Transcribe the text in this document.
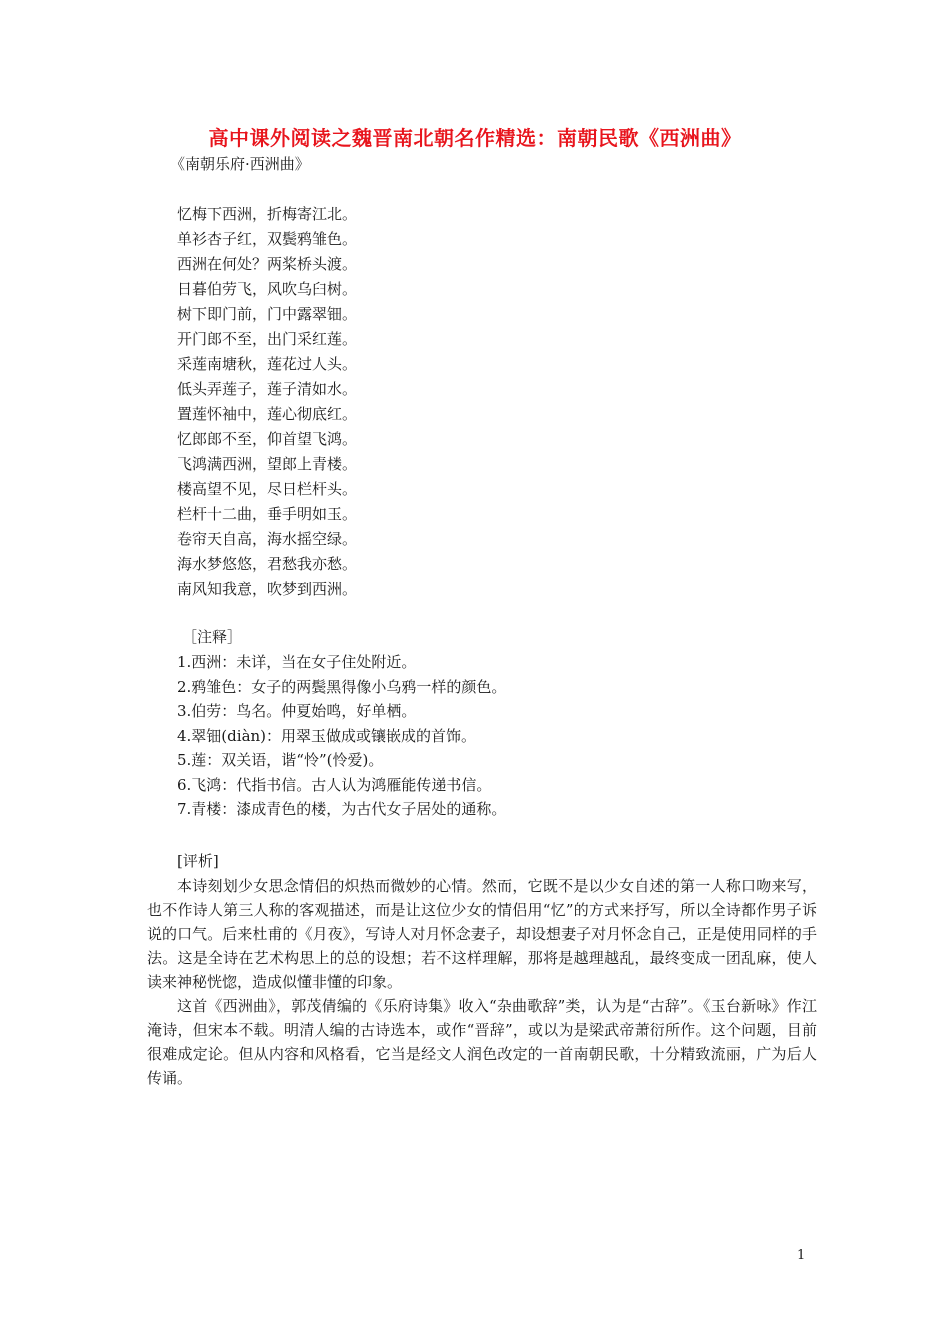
高中课外阅读之魏晋南北朝名作精选：南朝民歌《西洲曲》
《南朝乐府·西洲曲》
忆梅下西洲，折梅寄江北。
单衫杏子红，双鬓鸦雏色。
西洲在何处？两桨桥头渡。
日暮伯劳飞，风吹乌臼树。
树下即门前，门中露翠钿。
开门郎不至，出门采红莲。
采莲南塘秋，莲花过人头。
低头弄莲子，莲子清如水。
置莲怀袖中，莲心彻底红。
忆郎郎不至，仰首望飞鸿。
飞鸿满西洲，望郎上青楼。
楼高望不见，尽日栏杆头。
栏杆十二曲，垂手明如玉。
卷帘天自高，海水摇空绿。
海水梦悠悠，君愁我亦愁。
南风知我意，吹梦到西洲。
［注释］
1.西洲：未详，当在女子住处附近。
2.鸦雏色：女子的两鬓黑得像小乌鸦一样的颜色。
3.伯劳：鸟名。仲夏始鸣，好单栖。
4.翠钿(diàn)：用翠玉做成或镶嵌成的首饰。
5.莲：双关语，谐“怜”(怜爱)。
6.飞鸿：代指书信。古人认为鸿雁能传递书信。
7.青楼：漆成青色的楼，为古代女子居处的通称。
[评析]

本诗刻划少女思念情侣的炽热而微妙的心情。然而，它既不是以少女自述的第一人称口吻来写，也不作诗人第三人称的客观描述，而是让这位少女的情侣用“忆”的方式来抒写，所以全诗都作男子诉说的口气。后来杜甫的《月夜》，写诗人对月怀念妻子，却设想妻子对月怀念自己，正是使用同样的手法。这是全诗在艺术构思上的总的设想；若不这样理解，那将是越理越乱，最终变成一团乱麻，使人读来神秘恍惚，造成似懂非懂的印象。

这首《西洲曲》，郭茂倩编的《乐府诗集》收入“杂曲歌辞”类，认为是“古辞”。《玉台新咏》作江淹诗，但宋本不载。明清人编的古诗选本，或作“晋辞”，或以为是梁武帝萧衍所作。这个问题，目前很难成定论。但从内容和风格看，它当是经文人润色改定的一首南朝民歌，十分精致流丽，广为后人传诵。

1
